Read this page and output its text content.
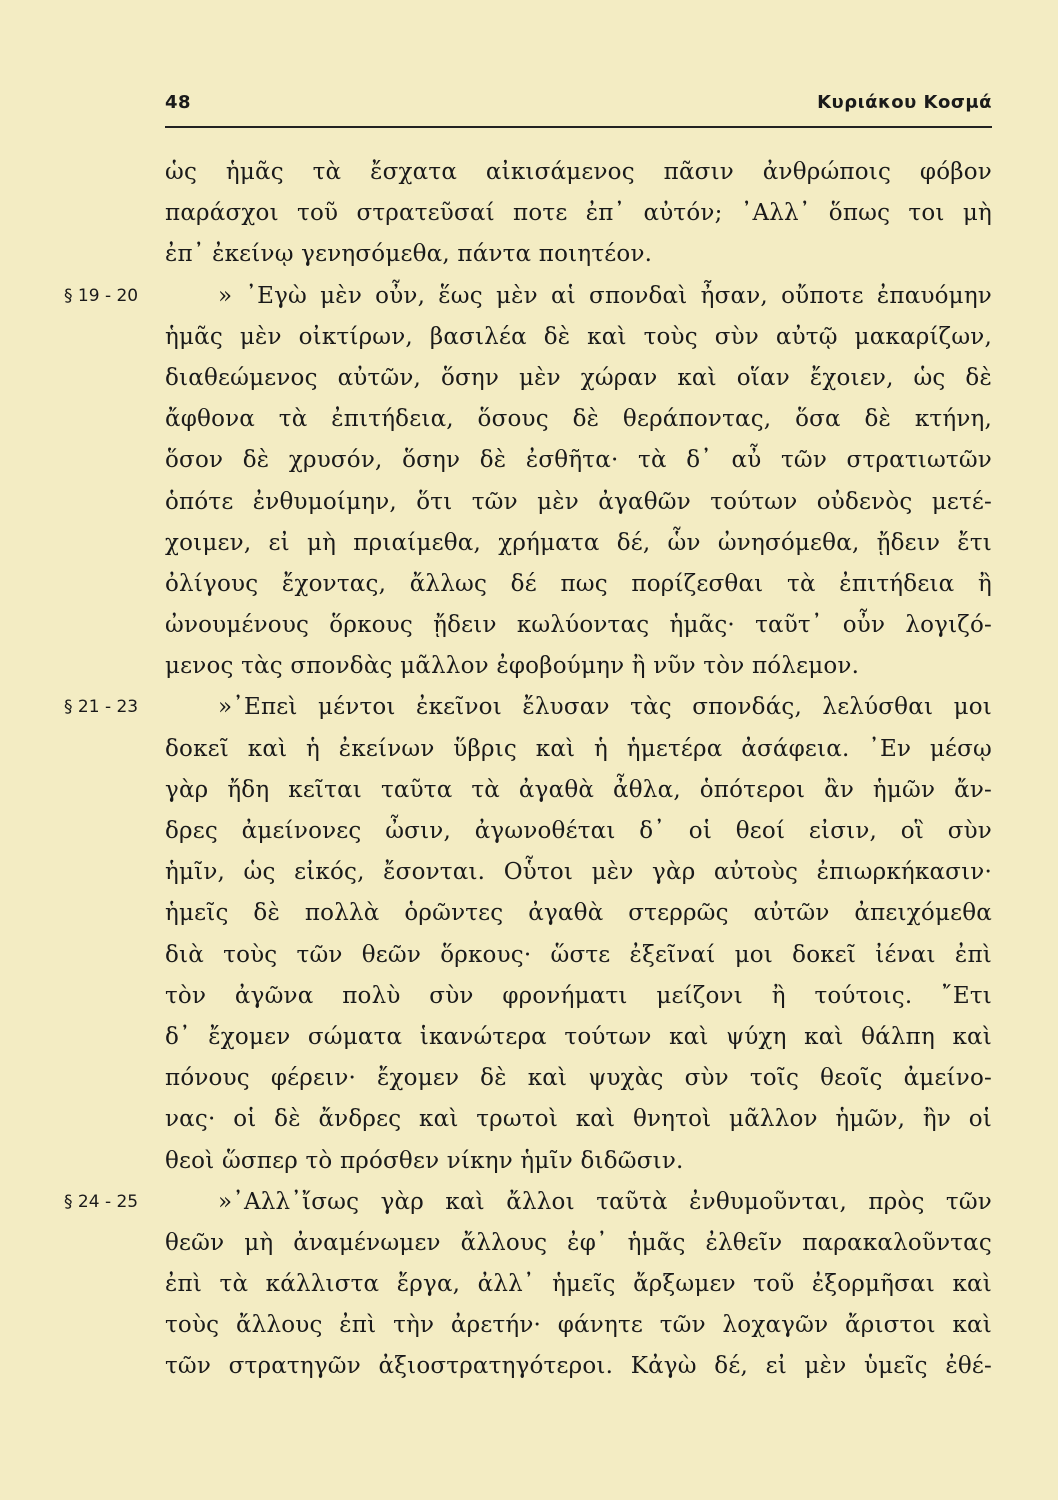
48	Κυριάκου Κοσμά
ὡς ἡμᾶς τὰ ἔσχατα αἰκισάμενος πᾶσιν ἀνθρώποις φόβον
παράσχοι τοῦ στρατεῦσαί ποτε ἐπ᾿ αὐτόν; ᾿Αλλ᾿ ὅπως τοι μὴ
ἐπ᾿ ἐκείνῳ γενησόμεθα, πάντα ποιητέον.
§ 19 - 20	» ᾿Εγὼ μὲν οὖν, ἕως μὲν αἱ σπονδαὶ ἦσαν, οὔποτε ἐπαυόμην
ἡμᾶς μὲν οἰκτίρων, βασιλέα δὲ καὶ τοὺς σὺν αὐτῷ μακαρίζων,
διαθεώμενος αὐτῶν, ὅσην μὲν χώραν καὶ οἵαν ἔχοιεν, ὡς δὲ
ἄφθονα τὰ ἐπιτήδεια, ὅσους δὲ θεράποντας, ὅσα δὲ κτήνη,
ὅσον δὲ χρυσόν, ὅσην δὲ ἐσθῆτα· τὰ δ᾿ αὖ τῶν στρατιωτῶν
ὁπότε ἐνθυμοίμην, ὅτι τῶν μὲν ἀγαθῶν τούτων οὐδενὸς μετέ-
χοιμεν, εἰ μὴ πριαίμεθα, χρήματα δέ, ὧν ὠνησόμεθα, ᾔδειν ἔτι
ὀλίγους ἔχοντας, ἄλλως δέ πως πορίζεσθαι τὰ ἐπιτήδεια ἢ
ὠνουμένους ὅρκους ᾔδειν κωλύοντας ἡμᾶς· ταῦτ᾿ οὖν λογιζό-
μενος τὰς σπονδὰς μᾶλλον ἐφοβούμην ἢ νῦν τὸν πόλεμον.
§ 21 - 23	»᾿Επεὶ μέντοι ἐκεῖνοι ἔλυσαν τὰς σπονδάς, λελύσθαι μοι
δοκεῖ καὶ ἡ ἐκείνων ὕβρις καὶ ἡ ἡμετέρα ἀσάφεια. ᾿Εν μέσῳ
γὰρ ἤδη κεῖται ταῦτα τὰ ἀγαθὰ ἆθλα, ὁπότεροι ἂν ἡμῶν ἄν-
δρες ἀμείνονες ὦσιν, ἀγωνοθέται δ᾿ οἱ θεοί εἰσιν, οἳ σὺν
ἡμῖν, ὡς εἰκός, ἔσονται. Οὗτοι μὲν γὰρ αὐτοὺς ἐπιωρκήκασιν·
ἡμεῖς δὲ πολλὰ ὁρῶντες ἀγαθὰ στερρῶς αὐτῶν ἀπειχόμεθα
διὰ τοὺς τῶν θεῶν ὅρκους· ὥστε ἐξεῖναί μοι δοκεῖ ἰέναι ἐπὶ
τὸν ἀγῶνα πολὺ σὺν φρονήματι μείζονι ἢ τούτοις. ῎Ετι
δ᾿ ἔχομεν σώματα ἱκανώτερα τούτων καὶ ψύχη καὶ θάλπη καὶ
πόνους φέρειν· ἔχομεν δὲ καὶ ψυχὰς σὺν τοῖς θεοῖς ἀμείνο-
νας· οἱ δὲ ἄνδρες καὶ τρωτοὶ καὶ θνητοὶ μᾶλλον ἡμῶν, ἢν οἱ
θεοὶ ὥσπερ τὸ πρόσθεν νίκην ἡμῖν διδῶσιν.
§ 24 - 25	»᾿Αλλ᾿ἴσως γὰρ καὶ ἄλλοι ταῦτὰ ἐνθυμοῦνται, πρὸς τῶν
θεῶν μὴ ἀναμένωμεν ἄλλους ἐφ᾿ ἡμᾶς ἐλθεῖν παρακαλοῦντας
ἐπὶ τὰ κάλλιστα ἔργα, ἀλλ᾿ ἡμεῖς ἄρξωμεν τοῦ ἐξορμῆσαι καὶ
τοὺς ἄλλους ἐπὶ τὴν ἀρετήν· φάνητε τῶν λοχαγῶν ἄριστοι καὶ
τῶν στρατηγῶν ἀξιοστρατηγότεροι. Κἀγὼ δέ, εἰ μὲν ὑμεῖς ἐθέ-
